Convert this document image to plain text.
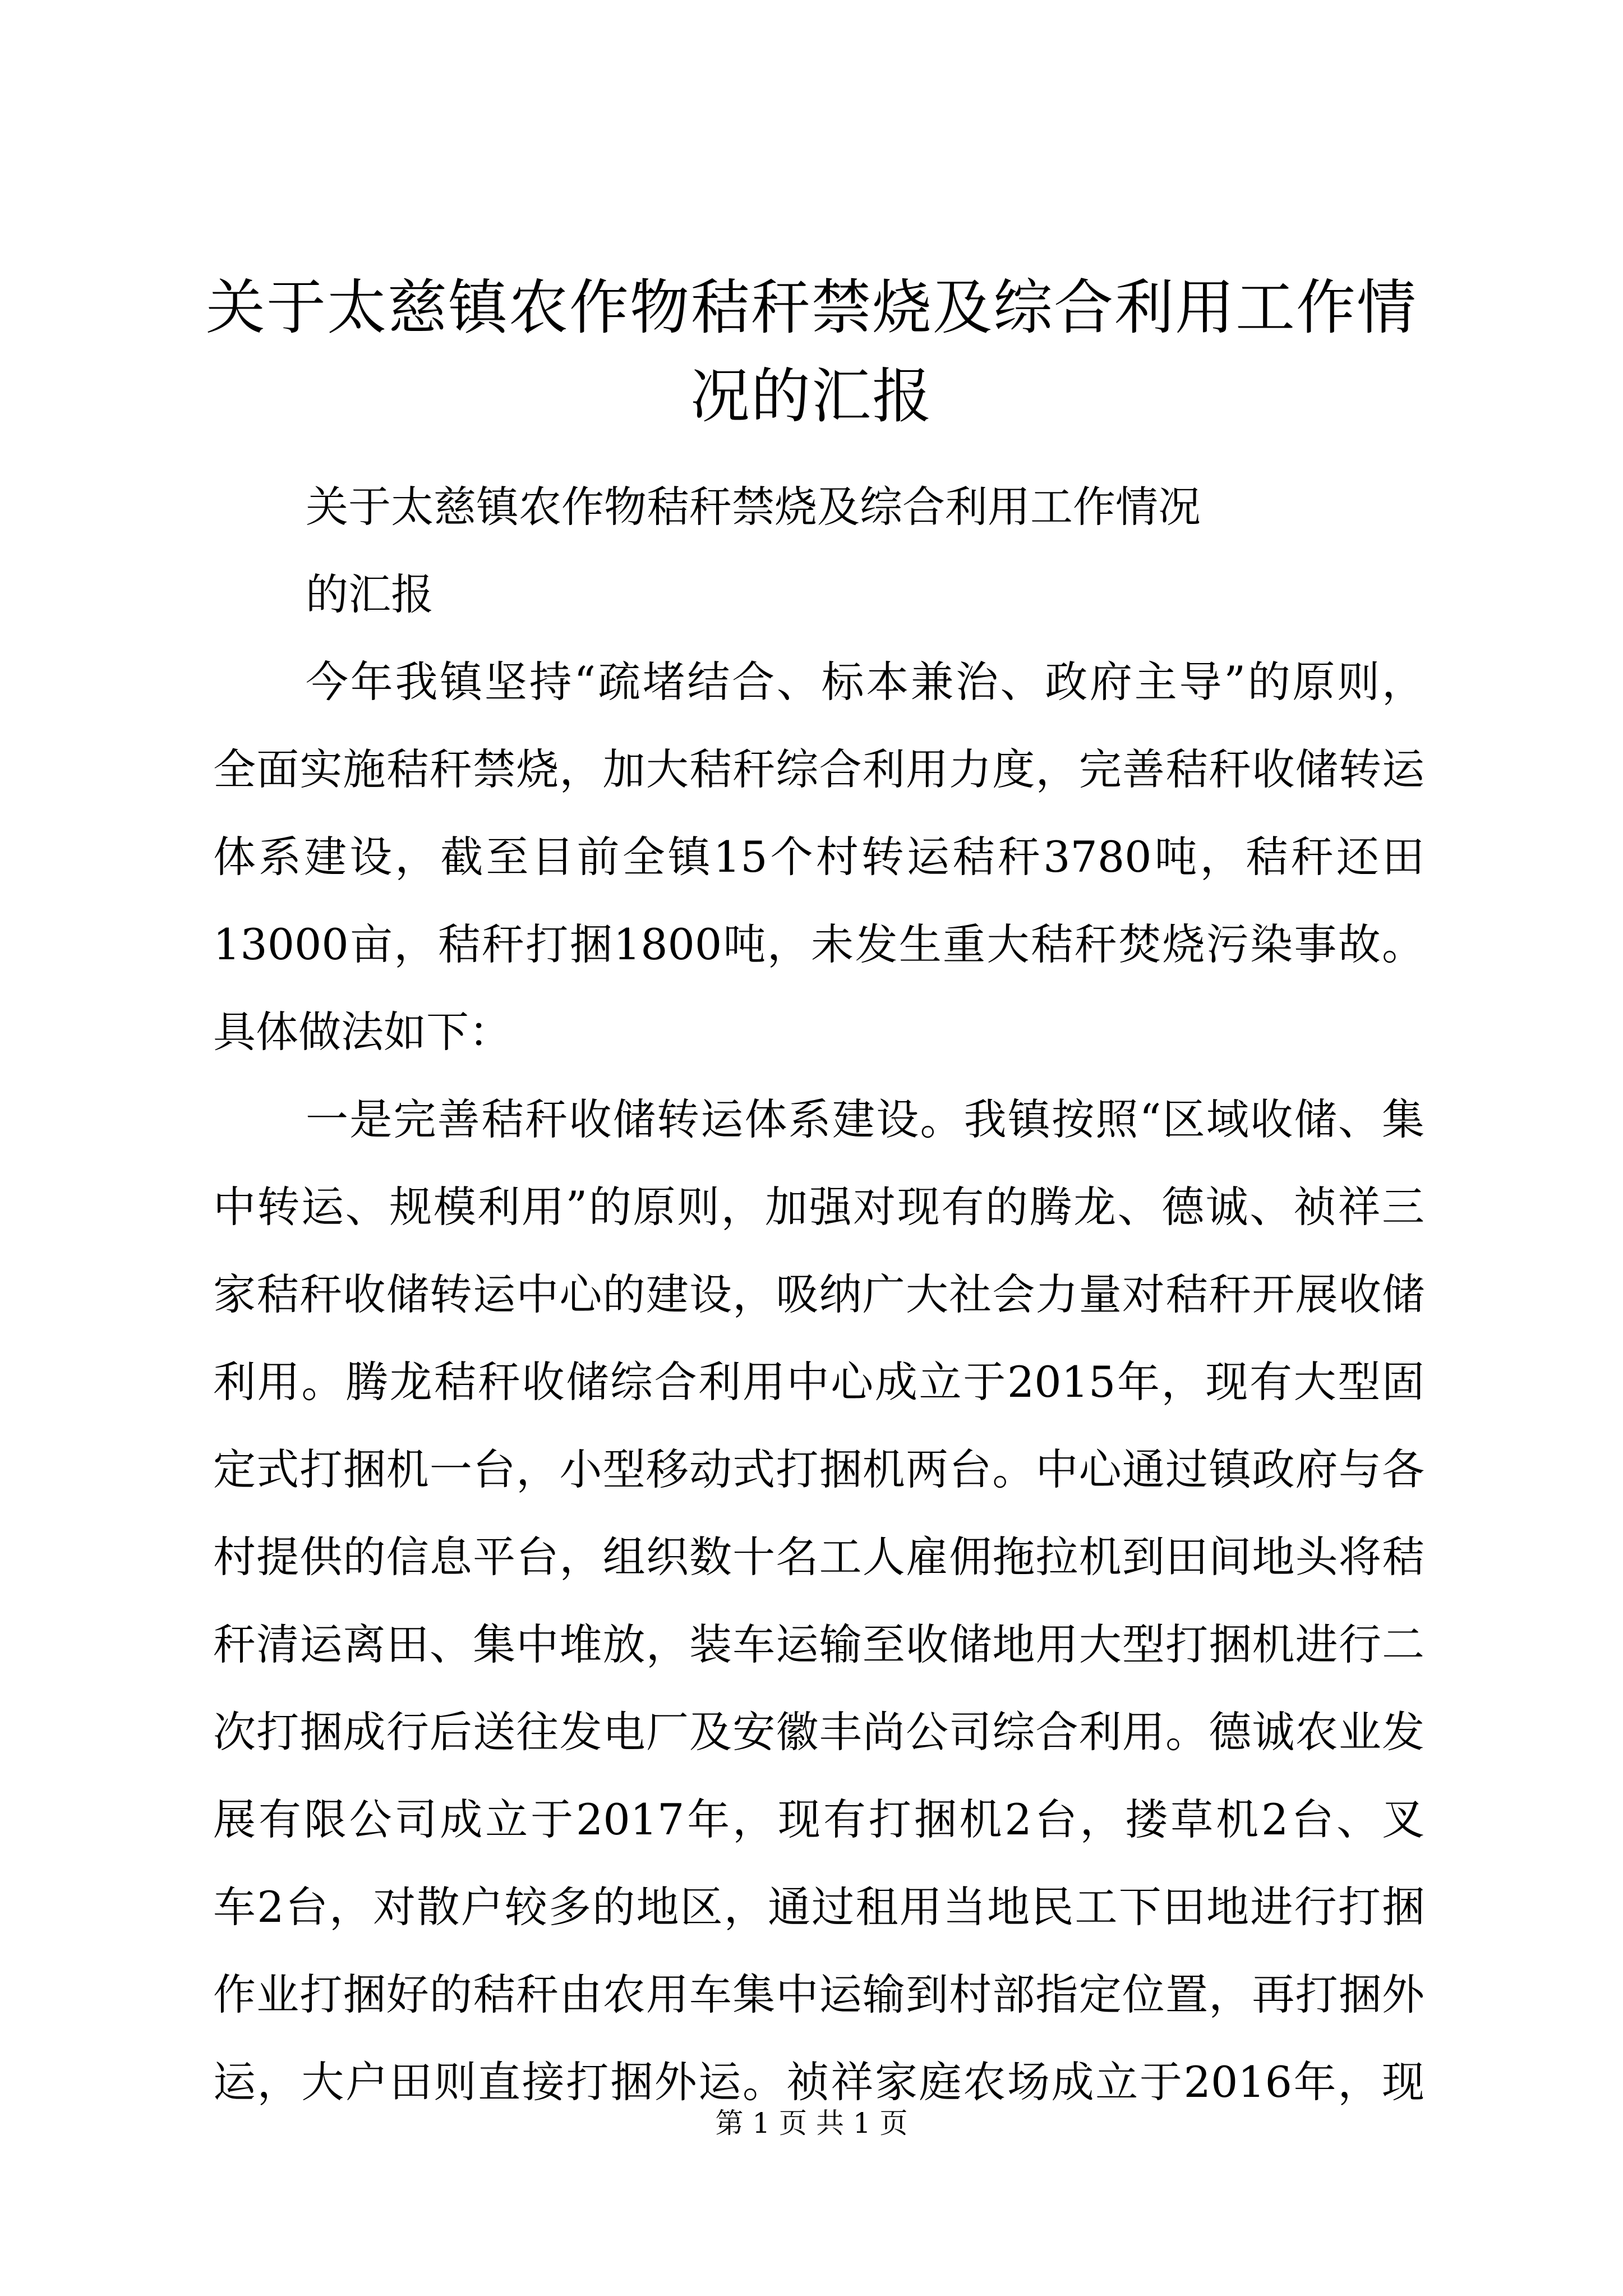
关于太慈镇农作物秸秆禁烧及综合利用工作情
况的汇报

关于太慈镇农作物秸秆禁烧及综合利用工作情况

的汇报

今年我镇坚持“疏堵结合、标本兼治、政府主导”的原则，

全面实施秸秆禁烧，加大秸秆综合利用力度，完善秸秆收储转运

体系建设，截至目前全镇15个村转运秸秆3780吨，秸秆还田

13000亩，秸秆打捆1800吨，未发生重大秸秆焚烧污染事故。

具体做法如下：

一是完善秸秆收储转运体系建设。我镇按照“区域收储、集

中转运、规模利用”的原则，加强对现有的腾龙、德诚、祯祥三

家秸秆收储转运中心的建设，吸纳广大社会力量对秸秆开展收储

利用。腾龙秸秆收储综合利用中心成立于2015年，现有大型固

定式打捆机一台，小型移动式打捆机两台。中心通过镇政府与各

村提供的信息平台，组织数十名工人雇佣拖拉机到田间地头将秸

秆清运离田、集中堆放，装车运输至收储地用大型打捆机进行二

次打捆成行后送往发电厂及安徽丰尚公司综合利用。德诚农业发

展有限公司成立于2017年，现有打捆机2台，搂草机2台、叉

车2台，对散户较多的地区，通过租用当地民工下田地进行打捆

作业打捆好的秸秆由农用车集中运输到村部指定位置，再打捆外

运，大户田则直接打捆外运。祯祥家庭农场成立于2016年，现

第 1 页 共 1 页
